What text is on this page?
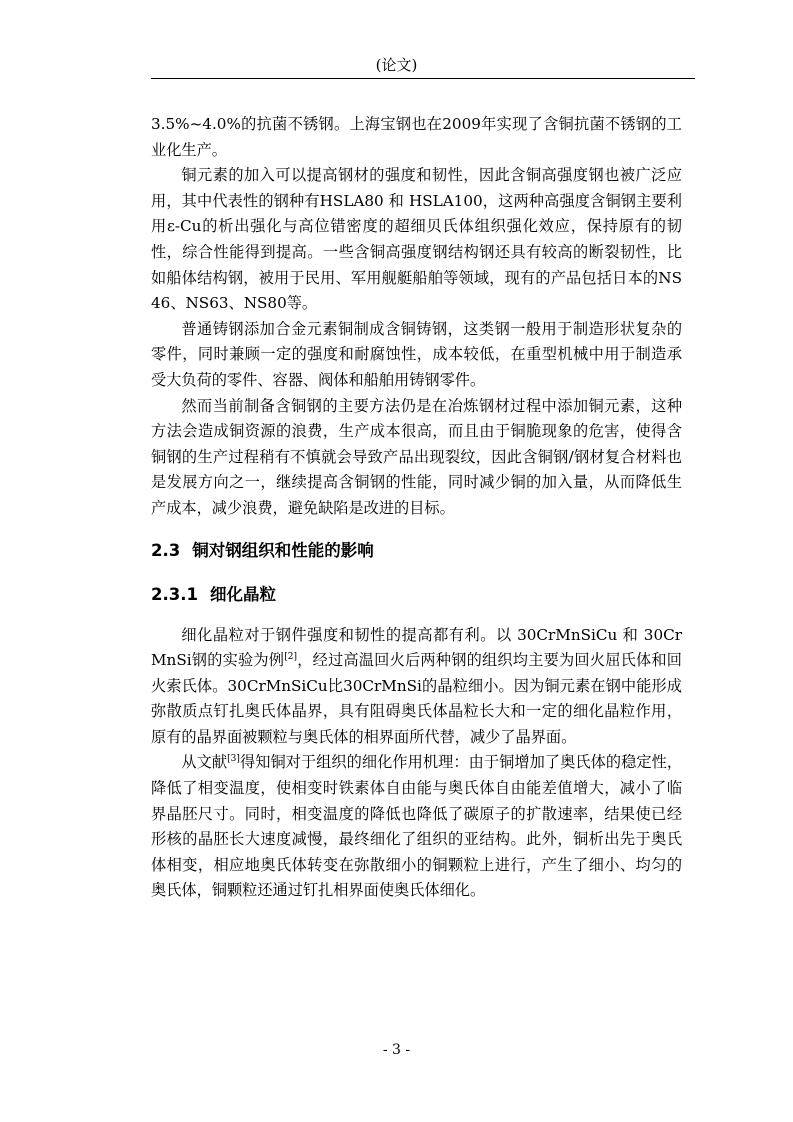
(论文)

3.5%~4.0%的抗菌不锈钢。上海宝钢也在2009年实现了含铜抗菌不锈钢的工业化生产。

铜元素的加入可以提高钢材的强度和韧性，因此含铜高强度钢也被广泛应用，其中代表性的钢种有HSLA80 和 HSLA100，这两种高强度含铜钢主要利用ε-Cu的析出强化与高位错密度的超细贝氏体组织强化效应，保持原有的韧性，综合性能得到提高。一些含铜高强度钢结构钢还具有较高的断裂韧性，比如船体结构钢，被用于民用、军用舰艇船舶等领域，现有的产品包括日本的NS46、NS63、NS80等。

普通铸钢添加合金元素铜制成含铜铸钢，这类钢一般用于制造形状复杂的零件，同时兼顾一定的强度和耐腐蚀性，成本较低，在重型机械中用于制造承受大负荷的零件、容器、阀体和船舶用铸钢零件。

然而当前制备含铜钢的主要方法仍是在冶炼钢材过程中添加铜元素，这种方法会造成铜资源的浪费，生产成本很高，而且由于铜脆现象的危害，使得含铜钢的生产过程稍有不慎就会导致产品出现裂纹，因此含铜钢/钢材复合材料也是发展方向之一，继续提高含铜钢的性能，同时减少铜的加入量，从而降低生产成本，减少浪费，避免缺陷是改进的目标。

2.3 铜对钢组织和性能的影响
2.3.1 细化晶粒

细化晶粒对于钢件强度和韧性的提高都有利。以 30CrMnSiCu 和 30CrMnSi钢的实验为例[2]，经过高温回火后两种钢的组织均主要为回火屈氏体和回火索氏体。30CrMnSiCu比30CrMnSi的晶粒细小。因为铜元素在钢中能形成弥散质点钉扎奥氏体晶界，具有阻碍奥氏体晶粒长大和一定的细化晶粒作用，原有的晶界面被颗粒与奥氏体的相界面所代替，减少了晶界面。

从文献[3]得知铜对于组织的细化作用机理：由于铜增加了奥氏体的稳定性，降低了相变温度，使相变时铁素体自由能与奥氏体自由能差值增大，减小了临界晶胚尺寸。同时，相变温度的降低也降低了碳原子的扩散速率，结果使已经形核的晶胚长大速度减慢，最终细化了组织的亚结构。此外，铜析出先于奥氏体相变，相应地奥氏体转变在弥散细小的铜颗粒上进行，产生了细小、均匀的奥氏体，铜颗粒还通过钉扎相界面使奥氏体细化。

- 3 -
